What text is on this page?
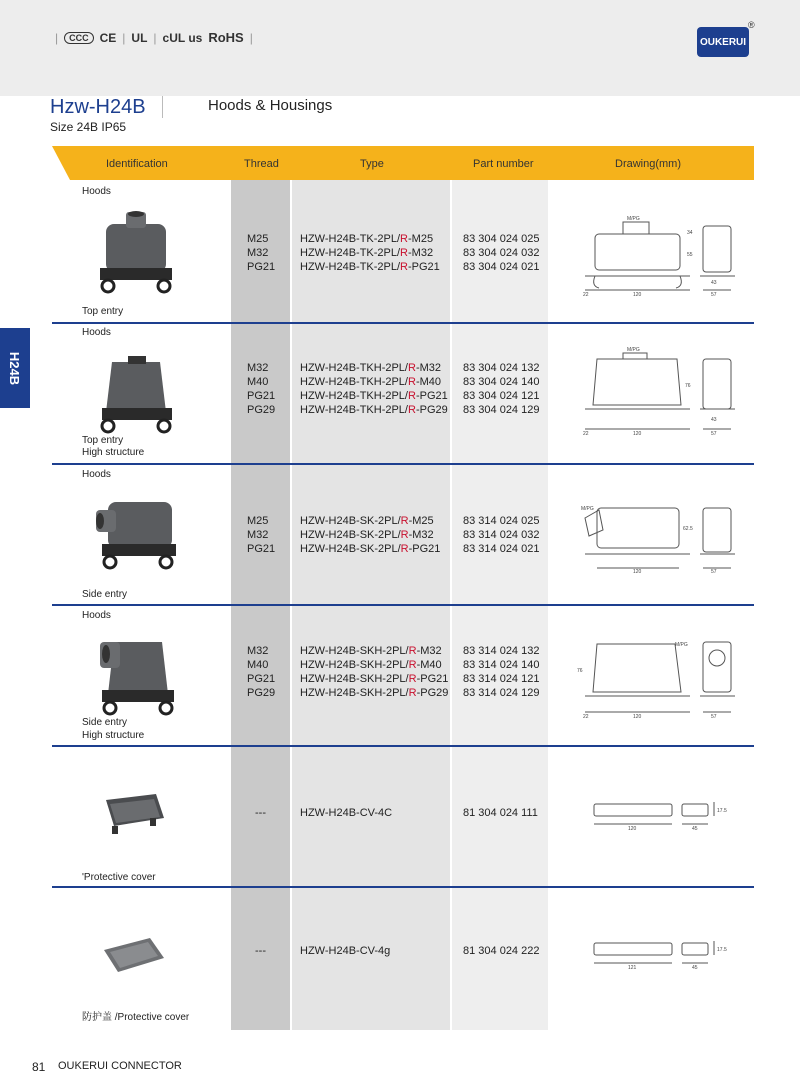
|	CCC CE | UL | cUL us RoHS |	OUKERUI
®
Hzw-H24B	Hoods & Housings
Size 24B IP65
H24B
Identification	Thread	Type	Part number	Drawing(mm)
Hoods
Top entry
M25	HZW-H24B-TK-2PL/R-M25	83 304 024 025
M32	HZW-H24B-TK-2PL/R-M32	83 304 024 032
PG21 HZW-H24B-TK-2PL/R-PG21 83 304 024 021
M/PG
34
55
22	120
43
57
Hoods
Top entry
High structure
M32	HZW-H24B-TKH-2PL/R-M32 83 304 024 132
M40	HZW-H24B-TKH-2PL/R-M40 83 304 024 140
PG21 HZW-H24B-TKH-2PL/R-PG21 83 304 024 121
PG29 HZW-H24B-TKH-2PL/R-PG29 83 304 024 129
M/PG
76
22	120
43
57
Hoods
Side entry
M25	HZW-H24B-SK-2PL/R-M25	83 314 024 025
M32	HZW-H24B-SK-2PL/R-M32	83 314 024 032
PG21 HZW-H24B-SK-2PL/R-PG21 83 314 024 021
M/PG
62.5
120	57
Hoods
Side entry
High structure
M32	HZW-H24B-SKH-2PL/R-M32 83 314 024 132
M40	HZW-H24B-SKH-2PL/R-M40 83 314 024 140
PG21 HZW-H24B-SKH-2PL/R-PG21 83 314 024 121
PG29 HZW-H24B-SKH-2PL/R-PG29 83 314 024 129
M/PG
76
22	120	57
'Protective cover
---	HZW-H24B-CV-4C	81 304 024 111
120	45
17.5
防护盖 /Protective cover
---	HZW-H24B-CV-4g	81 304 024 222
121	45
17.5
81 OUKERUI CONNECTOR
